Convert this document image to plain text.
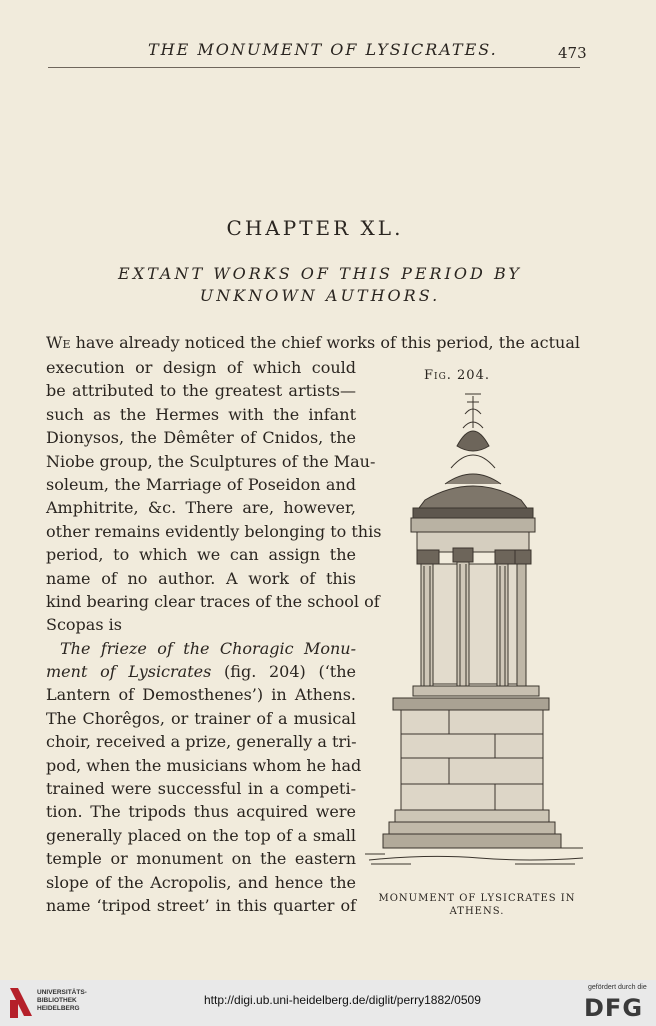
THE MONUMENT OF LYSICRATES.	473
CHAPTER XL.
EXTANT WORKS OF THIS PERIOD BY
UNKNOWN AUTHORS.
We have already noticed the chief works of this period, the actual
execution or design of which could
be attributed to the greatest artists—
such as the Hermes with the infant
Dionysos, the Dêmêter of Cnidos, the
Niobe group, the Sculptures of the Mau-
soleum, the Marriage of Poseidon and
Amphitrite, &c. There are, however,
other remains evidently belonging to this
period, to which we can assign the
name of no author. A work of this
kind bearing clear traces of the school of
Scopas is
The frieze of the Choragic Monu-
ment of Lysicrates (fig. 204) (‘the
Lantern of Demosthenes’) in Athens.
The Chorêgos, or trainer of a musical
choir, received a prize, generally a tri-
pod, when the musicians whom he had
trained were successful in a competi-
tion. The tripods thus acquired were
generally placed on the top of a small
temple or monument on the eastern
slope of the Acropolis, and hence the
name ‘tripod street’ in this quarter of
Fig. 204.
MONUMENT OF LYSICRATES IN
ATHENS.
UNIVERSITÄTS-
BIBLIOTHEK
HEIDELBERG
http://digi.ub.uni-heidelberg.de/diglit/perry1882/0509
gefördert durch die
DFG
